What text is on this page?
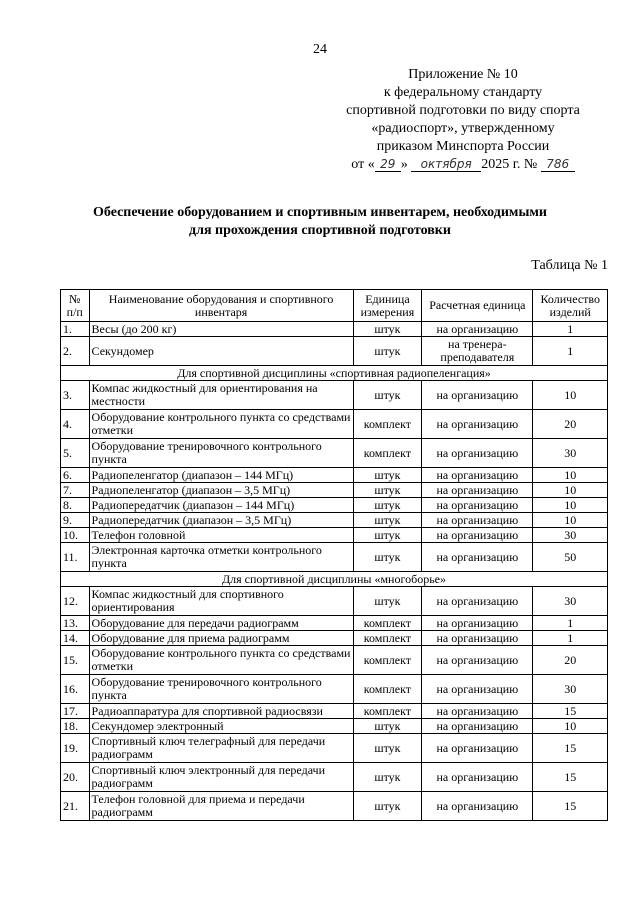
24
Приложение № 10
к федеральному стандарту
спортивной подготовки по виду спорта
«радиоспорт», утвержденному
приказом Минспорта России
от « 29 » октября 2025 г. № 786
Обеспечение оборудованием и спортивным инвентарем, необходимыми
для прохождения спортивной подготовки
Таблица № 1
№ п/п	Наименование оборудования и спортивного инвентаря	Единица измерения	Расчетная единица	Количество изделий
1.	Весы (до 200 кг)	штук	на организацию	1
2.	Секундомер	штук	на тренера-преподавателя	1
Для спортивной дисциплины «спортивная радиопеленгация»				
3.	Компас жидкостный для ориентирования на местности	штук	на организацию	10
4.	Оборудование контрольного пункта со средствами отметки	комплект	на организацию	20
5.	Оборудование тренировочного контрольного пункта	комплект	на организацию	30
6.	Радиопеленгатор (диапазон – 144 МГц)	штук	на организацию	10
7.	Радиопеленгатор (диапазон – 3,5 МГц)	штук	на организацию	10
8.	Радиопередатчик (диапазон – 144 МГц)	штук	на организацию	10
9.	Радиопередатчик (диапазон – 3,5 МГц)	штук	на организацию	10
10.	Телефон головной	штук	на организацию	30
11.	Электронная карточка отметки контрольного пункта	штук	на организацию	50
Для спортивной дисциплины «многоборье»				
12.	Компас жидкостный для спортивного ориентирования	штук	на организацию	30
13.	Оборудование для передачи радиограмм	комплект	на организацию	1
14.	Оборудование для приема радиограмм	комплект	на организацию	1
15.	Оборудование контрольного пункта со средствами отметки	комплект	на организацию	20
16.	Оборудование тренировочного контрольного пункта	комплект	на организацию	30
17.	Радиоаппаратура для спортивной радиосвязи	комплект	на организацию	15
18.	Секундомер электронный	штук	на организацию	10
19.	Спортивный ключ телеграфный для передачи радиограмм	штук	на организацию	15
20.	Спортивный ключ электронный для передачи радиограмм	штук	на организацию	15
21.	Телефон головной для приема и передачи радиограмм	штук	на организацию	15
